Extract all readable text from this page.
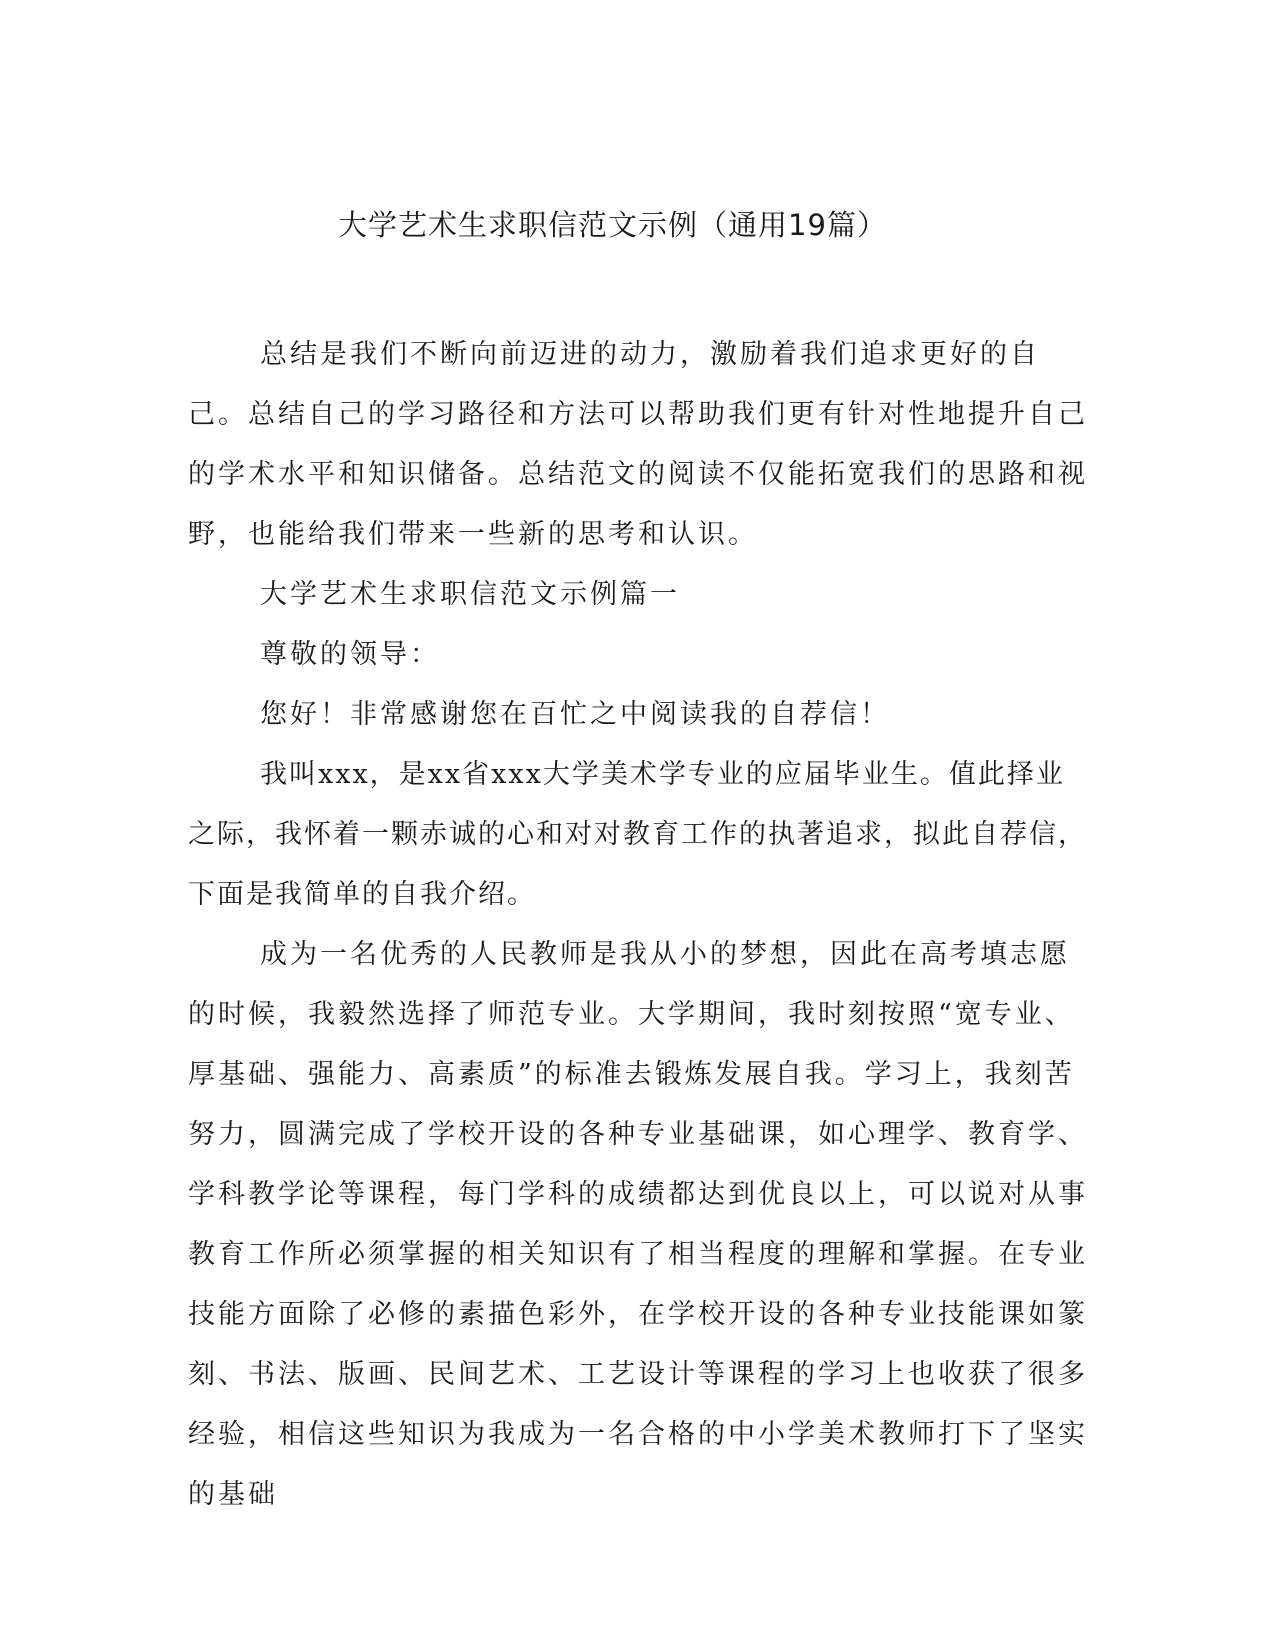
大学艺术生求职信范文示例（通用19篇）

总结是我们不断向前迈进的动力，激励着我们追求更好的自己。总结自己的学习路径和方法可以帮助我们更有针对性地提升自己的学术水平和知识储备。总结范文的阅读不仅能拓宽我们的思路和视野，也能给我们带来一些新的思考和认识。

大学艺术生求职信范文示例篇一

尊敬的领导：

您好！非常感谢您在百忙之中阅读我的自荐信！

我叫xxx，是xx省xxx大学美术学专业的应届毕业生。值此择业之际，我怀着一颗赤诚的心和对对教育工作的执著追求，拟此自荐信，下面是我简单的自我介绍。

成为一名优秀的人民教师是我从小的梦想，因此在高考填志愿的时候，我毅然选择了师范专业。大学期间，我时刻按照“宽专业、厚基础、强能力、高素质”的标准去锻炼发展自我。学习上，我刻苦努力，圆满完成了学校开设的各种专业基础课，如心理学、教育学、学科教学论等课程，每门学科的成绩都达到优良以上，可以说对从事教育工作所必须掌握的相关知识有了相当程度的理解和掌握。在专业技能方面除了必修的素描色彩外，在学校开设的各种专业技能课如篆刻、书法、版画、民间艺术、工艺设计等课程的学习上也收获了很多经验，相信这些知识为我成为一名合格的中小学美术教师打下了坚实的基础
